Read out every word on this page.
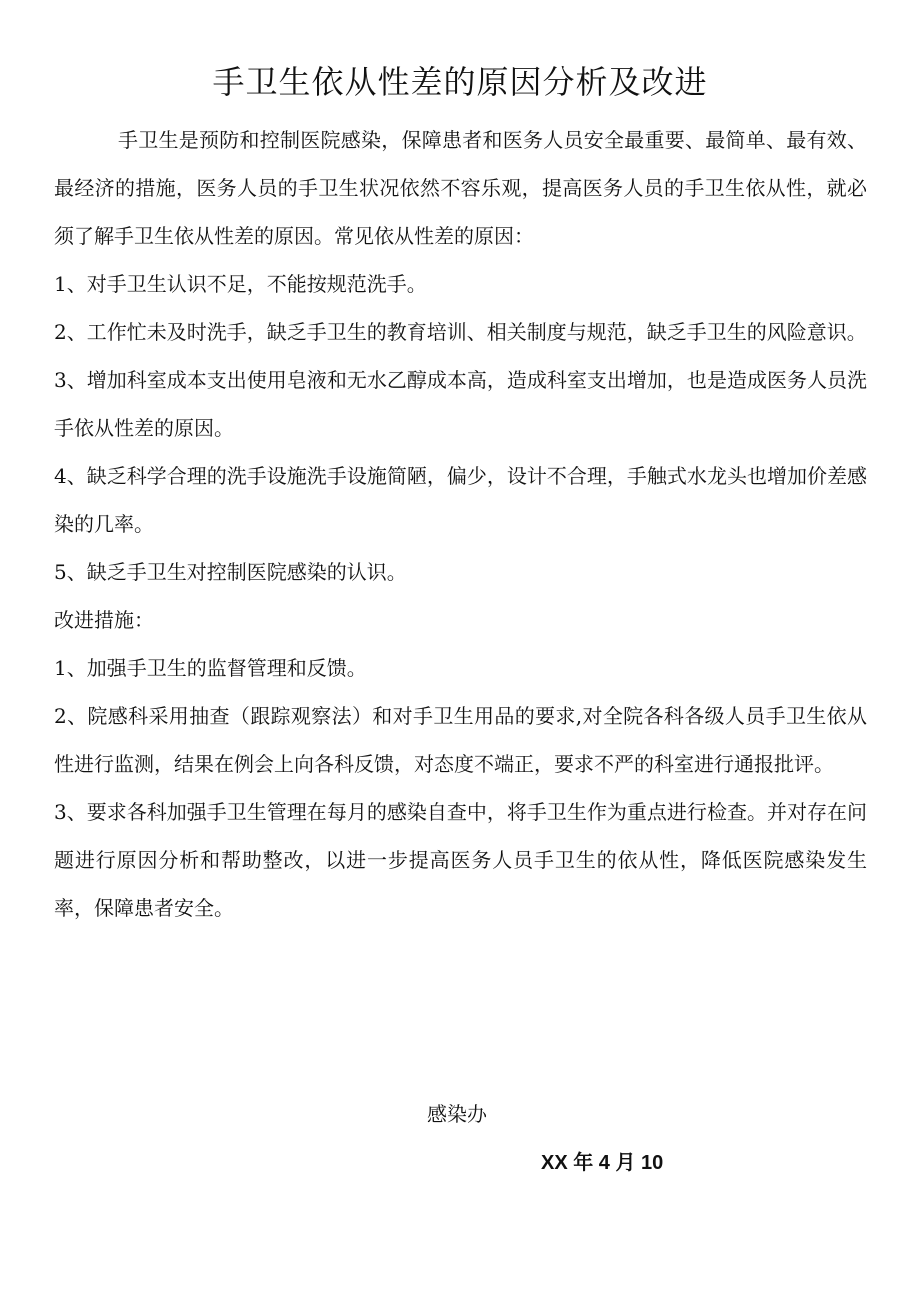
手卫生依从性差的原因分析及改进

手卫生是预防和控制医院感染，保障患者和医务人员安全最重要、最简单、最有效、最经济的措施，医务人员的手卫生状况依然不容乐观，提高医务人员的手卫生依从性，就必须了解手卫生依从性差的原因。常见依从性差的原因：

1、对手卫生认识不足，不能按规范洗手。

2、工作忙未及时洗手，缺乏手卫生的教育培训、相关制度与规范，缺乏手卫生的风险意识。

3、增加科室成本支出使用皂液和无水乙醇成本高，造成科室支出增加，也是造成医务人员洗手依从性差的原因。

4、缺乏科学合理的洗手设施洗手设施简陋，偏少，设计不合理，手触式水龙头也增加价差感染的几率。

5、缺乏手卫生对控制医院感染的认识。

改进措施：

1、加强手卫生的监督管理和反馈。

2、院感科采用抽查（跟踪观察法）和对手卫生用品的要求,对全院各科各级人员手卫生依从性进行监测，结果在例会上向各科反馈，对态度不端正，要求不严的科室进行通报批评。

3、要求各科加强手卫生管理在每月的感染自查中，将手卫生作为重点进行检查。并对存在问题进行原因分析和帮助整改，以进一步提高医务人员手卫生的依从性，降低医院感染发生率，保障患者安全。

感染办

XX 年 4 月 10
